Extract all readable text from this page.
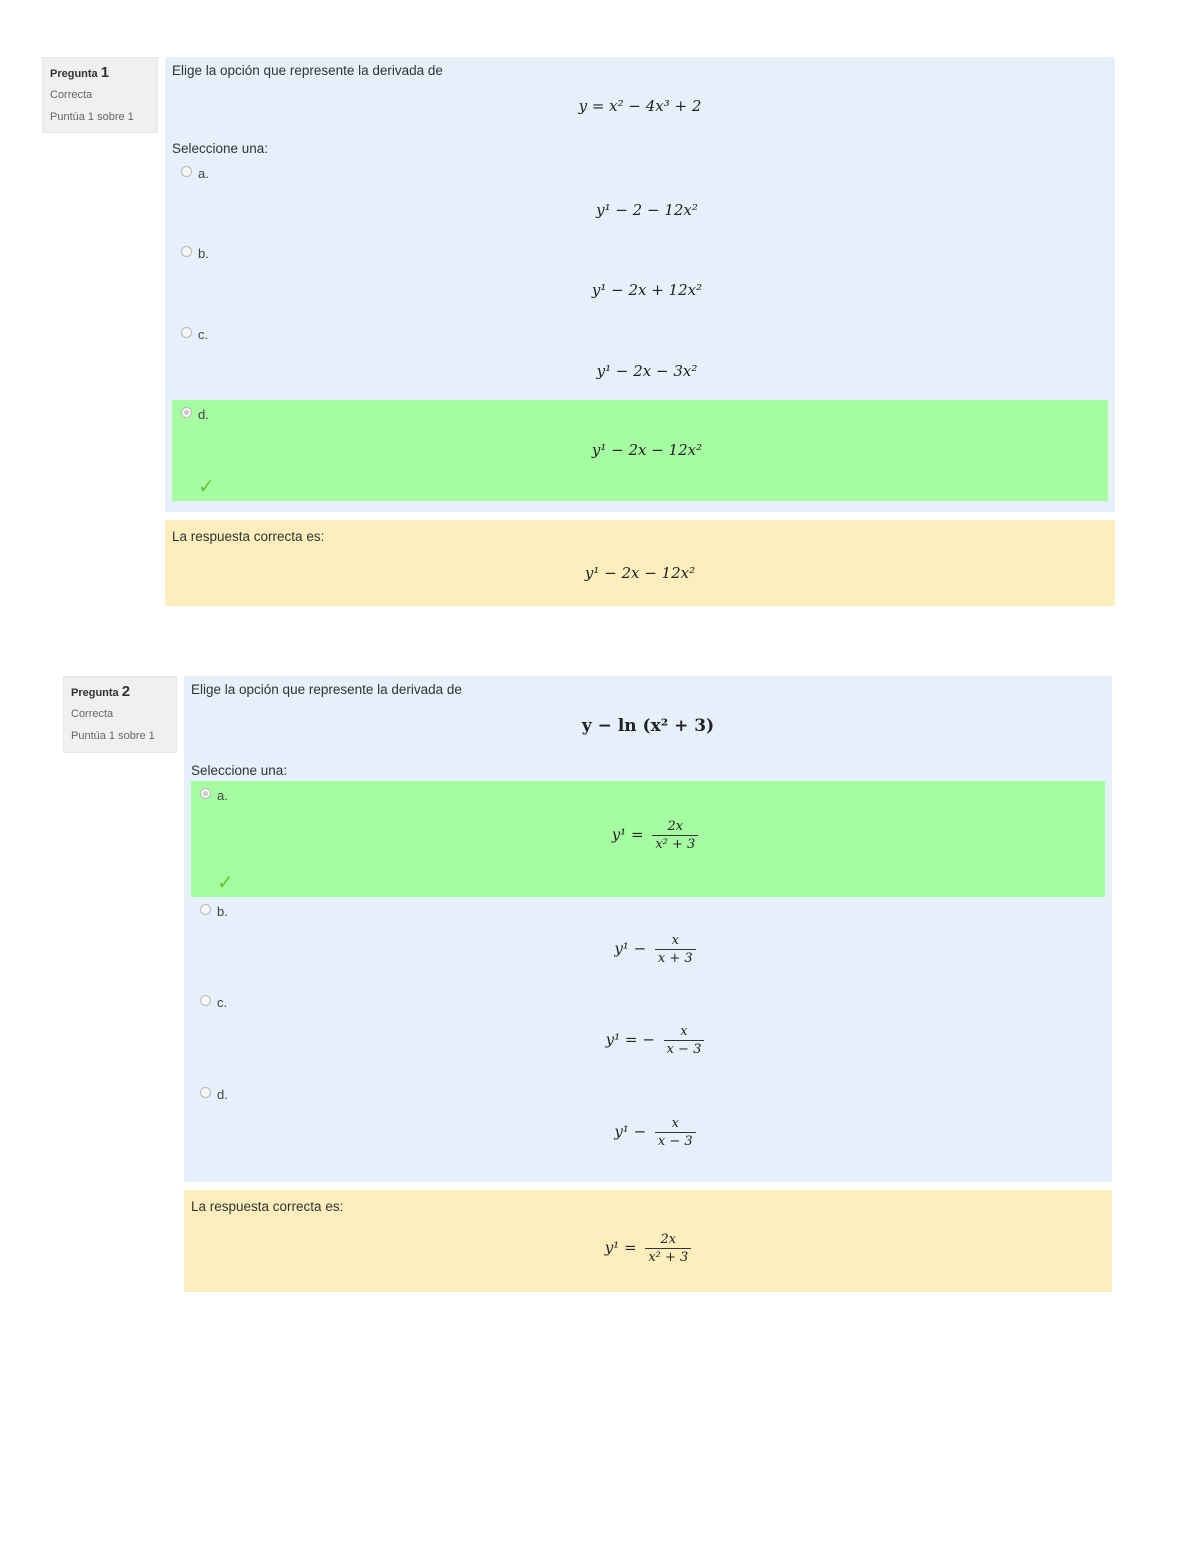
Pregunta 1
Correcta
Puntúa 1 sobre 1
Elige la opción que represente la derivada de
y = x² − 4x³ + 2
Seleccione una:
a.
y¹ − 2 − 12x²
b.
y¹ − 2x + 12x²
c.
y¹ − 2x − 3x²
d.
y¹ − 2x − 12x²
✓
La respuesta correcta es:
y¹ − 2x − 12x²
Pregunta 2
Correcta
Puntúa 1 sobre 1
Elige la opción que represente la derivada de
y − ln (x² + 3)
Seleccione una:
a.
$y^1 = \frac{2x}{\text{x² + 3}}$
✓
b.
$y^1 - \frac{x}{x + 3}$
c.
y¹ = − $\frac{x}{x - 3}$
d.
$y^1 - \frac{x}{x - 3}$
La respuesta correcta es:
$y^1 = \frac{2x}{\text{x² + 3}}$
